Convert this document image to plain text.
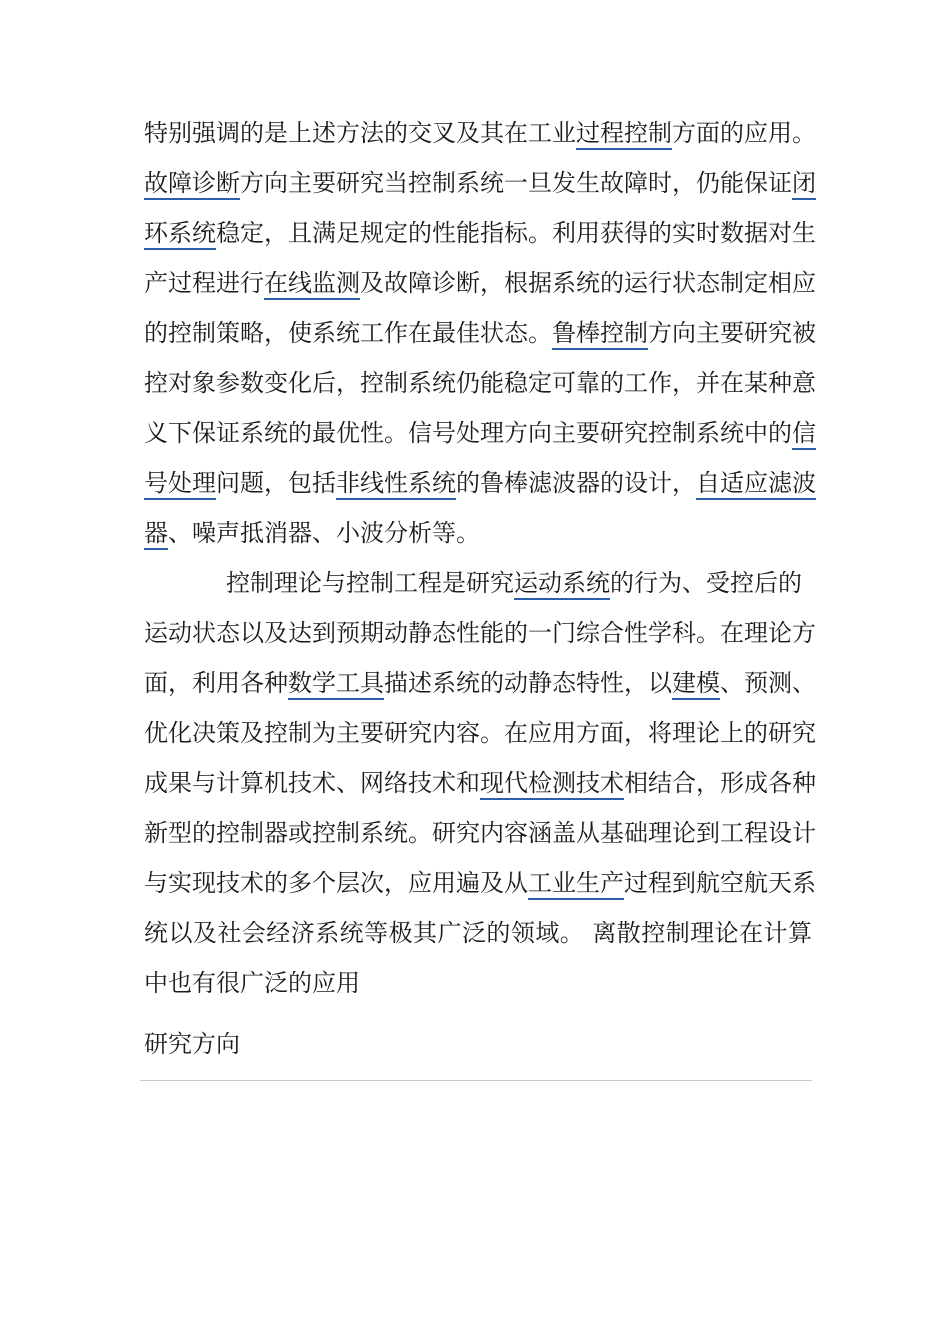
特别强调的是上述方法的交叉及其在工业过程控制方面的应用。
故障诊断方向主要研究当控制系统一旦发生故障时，仍能保证闭
环系统稳定，且满足规定的性能指标。利用获得的实时数据对生
产过程进行在线监测及故障诊断，根据系统的运行状态制定相应
的控制策略，使系统工作在最佳状态。鲁棒控制方向主要研究被
控对象参数变化后，控制系统仍能稳定可靠的工作，并在某种意
义下保证系统的最优性。信号处理方向主要研究控制系统中的信
号处理问题，包括非线性系统的鲁棒滤波器的设计，自适应滤波
器、噪声抵消器、小波分析等。
控制理论与控制工程是研究运动系统的行为、受控后的
运动状态以及达到预期动静态性能的一门综合性学科。在理论方
面，利用各种数学工具描述系统的动静态特性，以建模、预测、
优化决策及控制为主要研究内容。在应用方面，将理论上的研究
成果与计算机技术、网络技术和现代检测技术相结合，形成各种
新型的控制器或控制系统。研究内容涵盖从基础理论到工程设计
与实现技术的多个层次，应用遍及从工业生产过程到航空航天系
统以及社会经济系统等极其广泛的领域。 离散控制理论在计算
中也有很广泛的应用
研究方向
